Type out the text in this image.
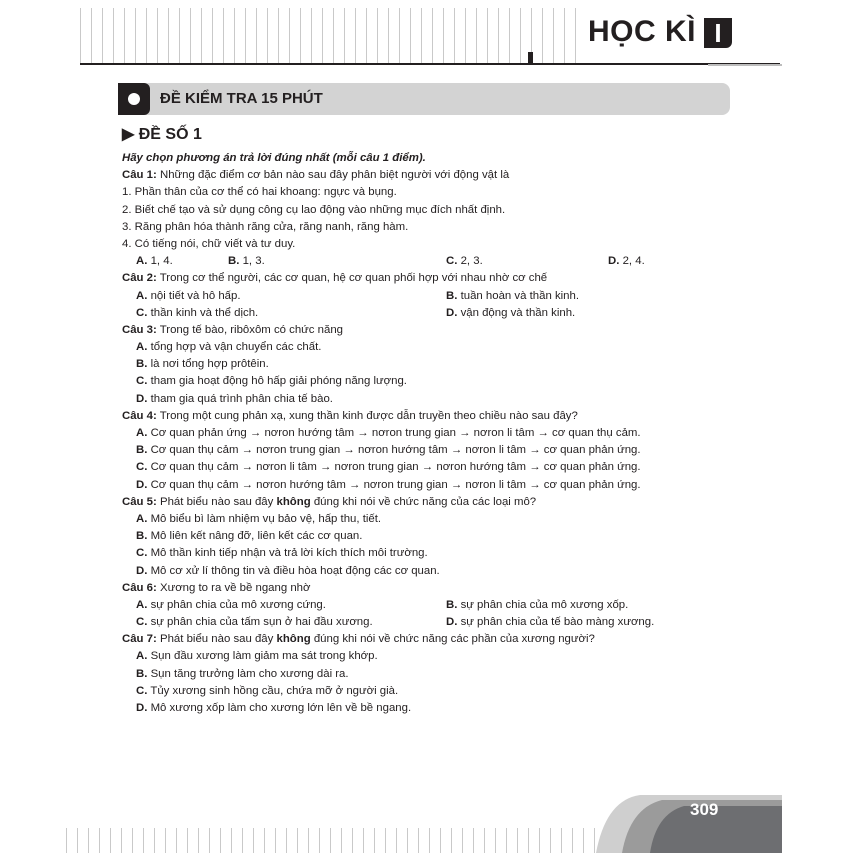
HỌC KÌ I
ĐỀ KIỂM TRA 15 PHÚT
▶ ĐỀ SỐ 1
Hãy chọn phương án trả lời đúng nhất (mỗi câu 1 điểm).
Câu 1: Những đặc điểm cơ bản nào sau đây phân biệt người với động vật là
1. Phần thân của cơ thể có hai khoang: ngực và bụng.
2. Biết chế tạo và sử dụng công cụ lao động vào những mục đích nhất định.
3. Răng phân hóa thành răng cửa, răng nanh, răng hàm.
4. Có tiếng nói, chữ viết và tư duy.
A. 1, 4.	B. 1, 3.	C. 2, 3.	D. 2, 4.
Câu 2: Trong cơ thể người, các cơ quan, hệ cơ quan phối hợp với nhau nhờ cơ chế
A. nội tiết và hô hấp.	B. tuần hoàn và thần kinh.
C. thần kinh và thể dịch.	D. vận động và thần kinh.
Câu 3: Trong tế bào, ribôxôm có chức năng
A. tổng hợp và vận chuyển các chất.
B. là nơi tổng hợp prôtêin.
C. tham gia hoạt động hô hấp giải phóng năng lượng.
D. tham gia quá trình phân chia tế bào.
Câu 4: Trong một cung phản xạ, xung thần kinh được dẫn truyền theo chiều nào sau đây?
A. Cơ quan phản ứng → nơron hướng tâm → nơron trung gian → nơron li tâm → cơ quan thụ cảm.
B. Cơ quan thụ cảm → nơron trung gian → nơron hướng tâm → nơron li tâm → cơ quan phản ứng.
C. Cơ quan thụ cảm → nơron li tâm → nơron trung gian → nơron hướng tâm → cơ quan phản ứng.
D. Cơ quan thụ cảm → nơron hướng tâm → nơron trung gian → nơron li tâm → cơ quan phản ứng.
Câu 5: Phát biểu nào sau đây không đúng khi nói về chức năng của các loại mô?
A. Mô biểu bì làm nhiệm vụ bảo vệ, hấp thu, tiết.
B. Mô liên kết nâng đỡ, liên kết các cơ quan.
C. Mô thần kinh tiếp nhận và trả lời kích thích môi trường.
D. Mô cơ xử lí thông tin và điều hòa hoạt động các cơ quan.
Câu 6: Xương to ra về bề ngang nhờ
A. sự phân chia của mô xương cứng.	B. sự phân chia của mô xương xốp.
C. sự phân chia của tấm sụn ở hai đầu xương.	D. sự phân chia của tế bào màng xương.
Câu 7: Phát biểu nào sau đây không đúng khi nói về chức năng các phần của xương người?
A. Sụn đầu xương làm giảm ma sát trong khớp.
B. Sụn tăng trưởng làm cho xương dài ra.
C. Tủy xương sinh hồng cầu, chứa mỡ ở người già.
D. Mô xương xốp làm cho xương lớn lên về bề ngang.
309
